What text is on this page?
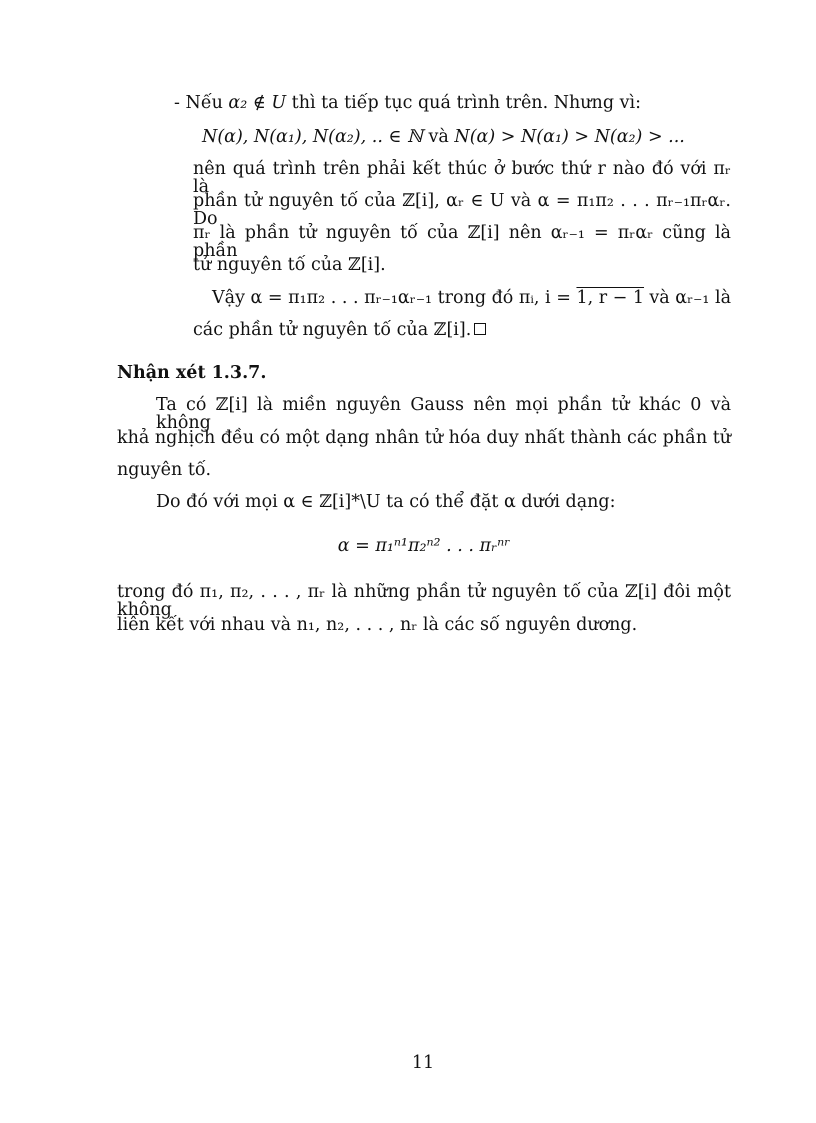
- Nếu α₂ ∉ U thì ta tiếp tục quá trình trên. Nhưng vì:
N(α), N(α₁), N(α₂), .. ∈ ℕ và N(α) > N(α₁) > N(α₂) > ...
nên quá trình trên phải kết thúc ở bước thứ r nào đó với πᵣ là
phần tử nguyên tố của ℤ[i], αᵣ ∈ U và α = π₁π₂ . . . πᵣ₋₁πᵣαᵣ. Do
πᵣ là phần tử nguyên tố của ℤ[i] nên αᵣ₋₁ = πᵣαᵣ cũng là phần
tử nguyên tố của ℤ[i].
Vậy α = π₁π₂ . . . πᵣ₋₁αᵣ₋₁ trong đó πᵢ, i = 1, r − 1 và αᵣ₋₁ là
các phần tử nguyên tố của ℤ[i].
Nhận xét 1.3.7.
Ta có ℤ[i] là miền nguyên Gauss nên mọi phần tử khác 0 và không
khả nghịch đều có một dạng nhân tử hóa duy nhất thành các phần tử
nguyên tố.
Do đó với mọi α ∈ ℤ[i]*\U ta có thể đặt α dưới dạng:
α = π₁ⁿ¹π₂ⁿ² . . . πᵣⁿʳ
trong đó π₁, π₂, . . . , πᵣ là những phần tử nguyên tố của ℤ[i] đôi một không
liên kết với nhau và n₁, n₂, . . . , nᵣ là các số nguyên dương.
11
